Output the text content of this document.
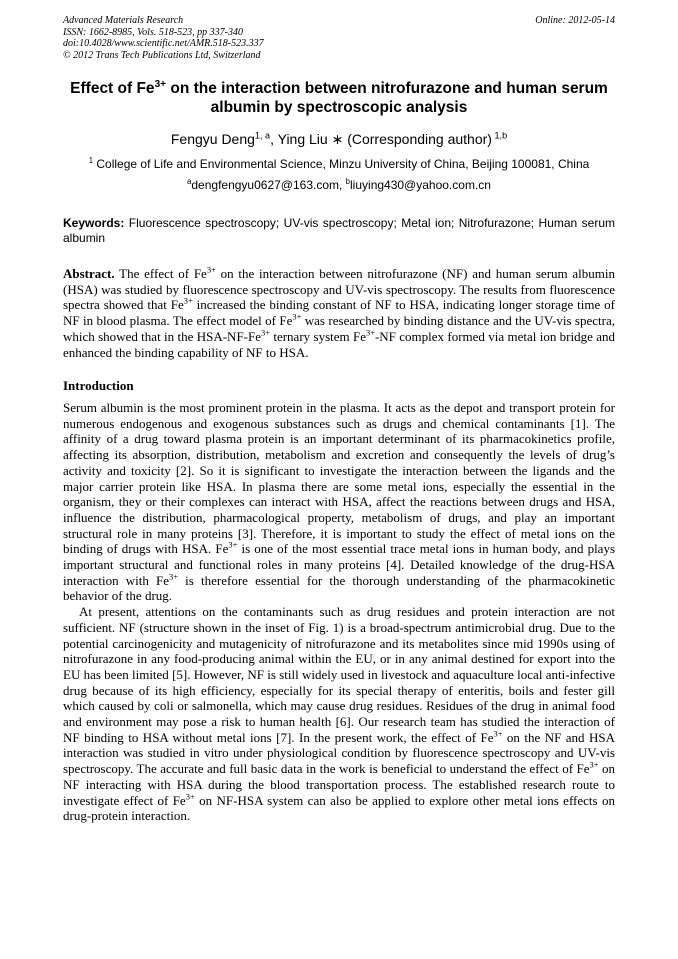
Advanced Materials Research
ISSN: 1662-8985, Vols. 518-523, pp 337-340
doi:10.4028/www.scientific.net/AMR.518-523.337
© 2012 Trans Tech Publications Ltd, Switzerland
Online: 2012-05-14
Effect of $Fe^{3+}$ on the interaction between nitrofurazone and human serum albumin by spectroscopic analysis
Fengyu Deng$^{1, a}$, Ying Liu ∗ (Corresponding author) $^{1,b}$
$^1$ College of Life and Environmental Science, Minzu University of China, Beijing 100081, China
$^a$dengfengyu0627@163.com, $^b$liuying430@yahoo.com.cn
Keywords: Fluorescence spectroscopy; UV-vis spectroscopy; Metal ion; Nitrofurazone; Human serum albumin
Abstract. The effect of $Fe^{3+}$ on the interaction between nitrofurazone (NF) and human serum albumin (HSA) was studied by fluorescence spectroscopy and UV-vis spectroscopy. The results from fluorescence spectra showed that $Fe^{3+}$ increased the binding constant of NF to HSA, indicating longer storage time of NF in blood plasma. The effect model of $Fe^{3+}$ was researched by binding distance and the UV-vis spectra, which showed that in the HSA-$NF-Fe^{3+}$ ternary system $Fe^{3+}-NF$ complex formed via metal ion bridge and enhanced the binding capability of NF to HSA.
Introduction

Serum albumin is the most prominent protein in the plasma. It acts as the depot and transport protein for numerous endogenous and exogenous substances such as drugs and chemical contaminants [1]. The affinity of a drug toward plasma protein is an important determinant of its pharmacokinetics profile, affecting its absorption, distribution, metabolism and excretion and consequently the levels of drug’s activity and toxicity [2]. So it is significant to investigate the interaction between the ligands and the major carrier protein like HSA. In plasma there are some metal ions, especially the essential in the organism, they or their complexes can interact with HSA, affect the reactions between drugs and HSA, influence the distribution, pharmacological property, metabolism of drugs, and play an important structural role in many proteins [3]. Therefore, it is important to study the effect of metal ions on the binding of drugs with HSA. $Fe^{3+}$ is one of the most essential trace metal ions in human body, and plays important structural and functional roles in many proteins [4]. Detailed knowledge of the drug-HSA interaction with $Fe^{3+}$ is therefore essential for the thorough understanding of the pharmacokinetic behavior of the drug.

At present, attentions on the contaminants such as drug residues and protein interaction are not sufficient. NF (structure shown in the inset of Fig. 1) is a broad-spectrum antimicrobial drug. Due to the potential carcinogenicity and mutagenicity of nitrofurazone and its metabolites since mid 1990s using of nitrofurazone in any food-producing animal within the EU, or in any animal destined for export into the EU has been limited [5]. However, NF is still widely used in livestock and aquaculture local anti-infective drug because of its high efficiency, especially for its special therapy of enteritis, boils and fester gill which caused by coli or salmonella, which may cause drug residues. Residues of the drug in animal food and environment may pose a risk to human health [6]. Our research team has studied the interaction of NF binding to HSA without metal ions [7]. In the present work, the effect of $Fe^{3+}$ on the NF and HSA interaction was studied in vitro under physiological condition by fluorescence spectroscopy and UV-vis spectroscopy. The accurate and full basic data in the work is beneficial to understand the effect of $Fe^{3+}$ on NF interacting with HSA during the blood transportation process. The established research route to investigate effect of $Fe^{3+}$ on NF-HSA system can also be applied to explore other metal ions effects on drug-protein interaction.
